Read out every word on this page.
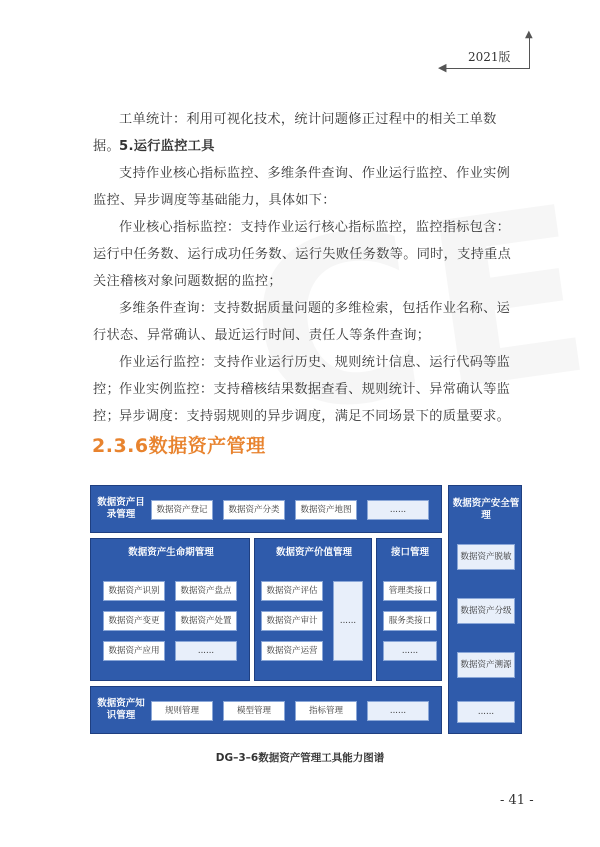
▲
◀
2021版
工单统计：利用可视化技术，统计问题修正过程中的相关工单数据。 5.运行监控工具
支持作业核心指标监控、多维条件查询、作业运行监控、作业实例监控、异步调度等基础能力，具体如下：
作业核心指标监控：支持作业运行核心指标监控，监控指标包含：运行中任务数、运行成功任务数、运行失败任务数等。同时，支持重点关注稽核对象问题数据的监控；
多维条件查询：支持数据质量问题的多维检索，包括作业名称、运行状态、异常确认、最近运行时间、责任人等条件查询；
作业运行监控：支持作业运行历史、规则统计信息、运行代码等监控； 作业实例监控：支持稽核结果数据查看、规则统计、异常确认等监控； 异步调度：支持弱规则的异步调度，满足不同场景下的质量要求。
2.3.6数据资产管理
数据资产目录管理	数据资产登记	数据资产分类	数据资产地图	......
数据资产生命期管理
数据资产识别	数据资产盘点
数据资产变更	数据资产处置
数据资产应用	......
数据资产价值管理
数据资产评估
数据资产审计
数据资产运营
......
接口管理
管理类接口
服务类接口
......
数据资产知识管理	规则管理	模型管理	指标管理	......
数据资产安全管理
数据资产脱敏
数据资产分级
数据资产溯源
......
DG–3–6数据资产管理工具能力图谱
- 41 -
